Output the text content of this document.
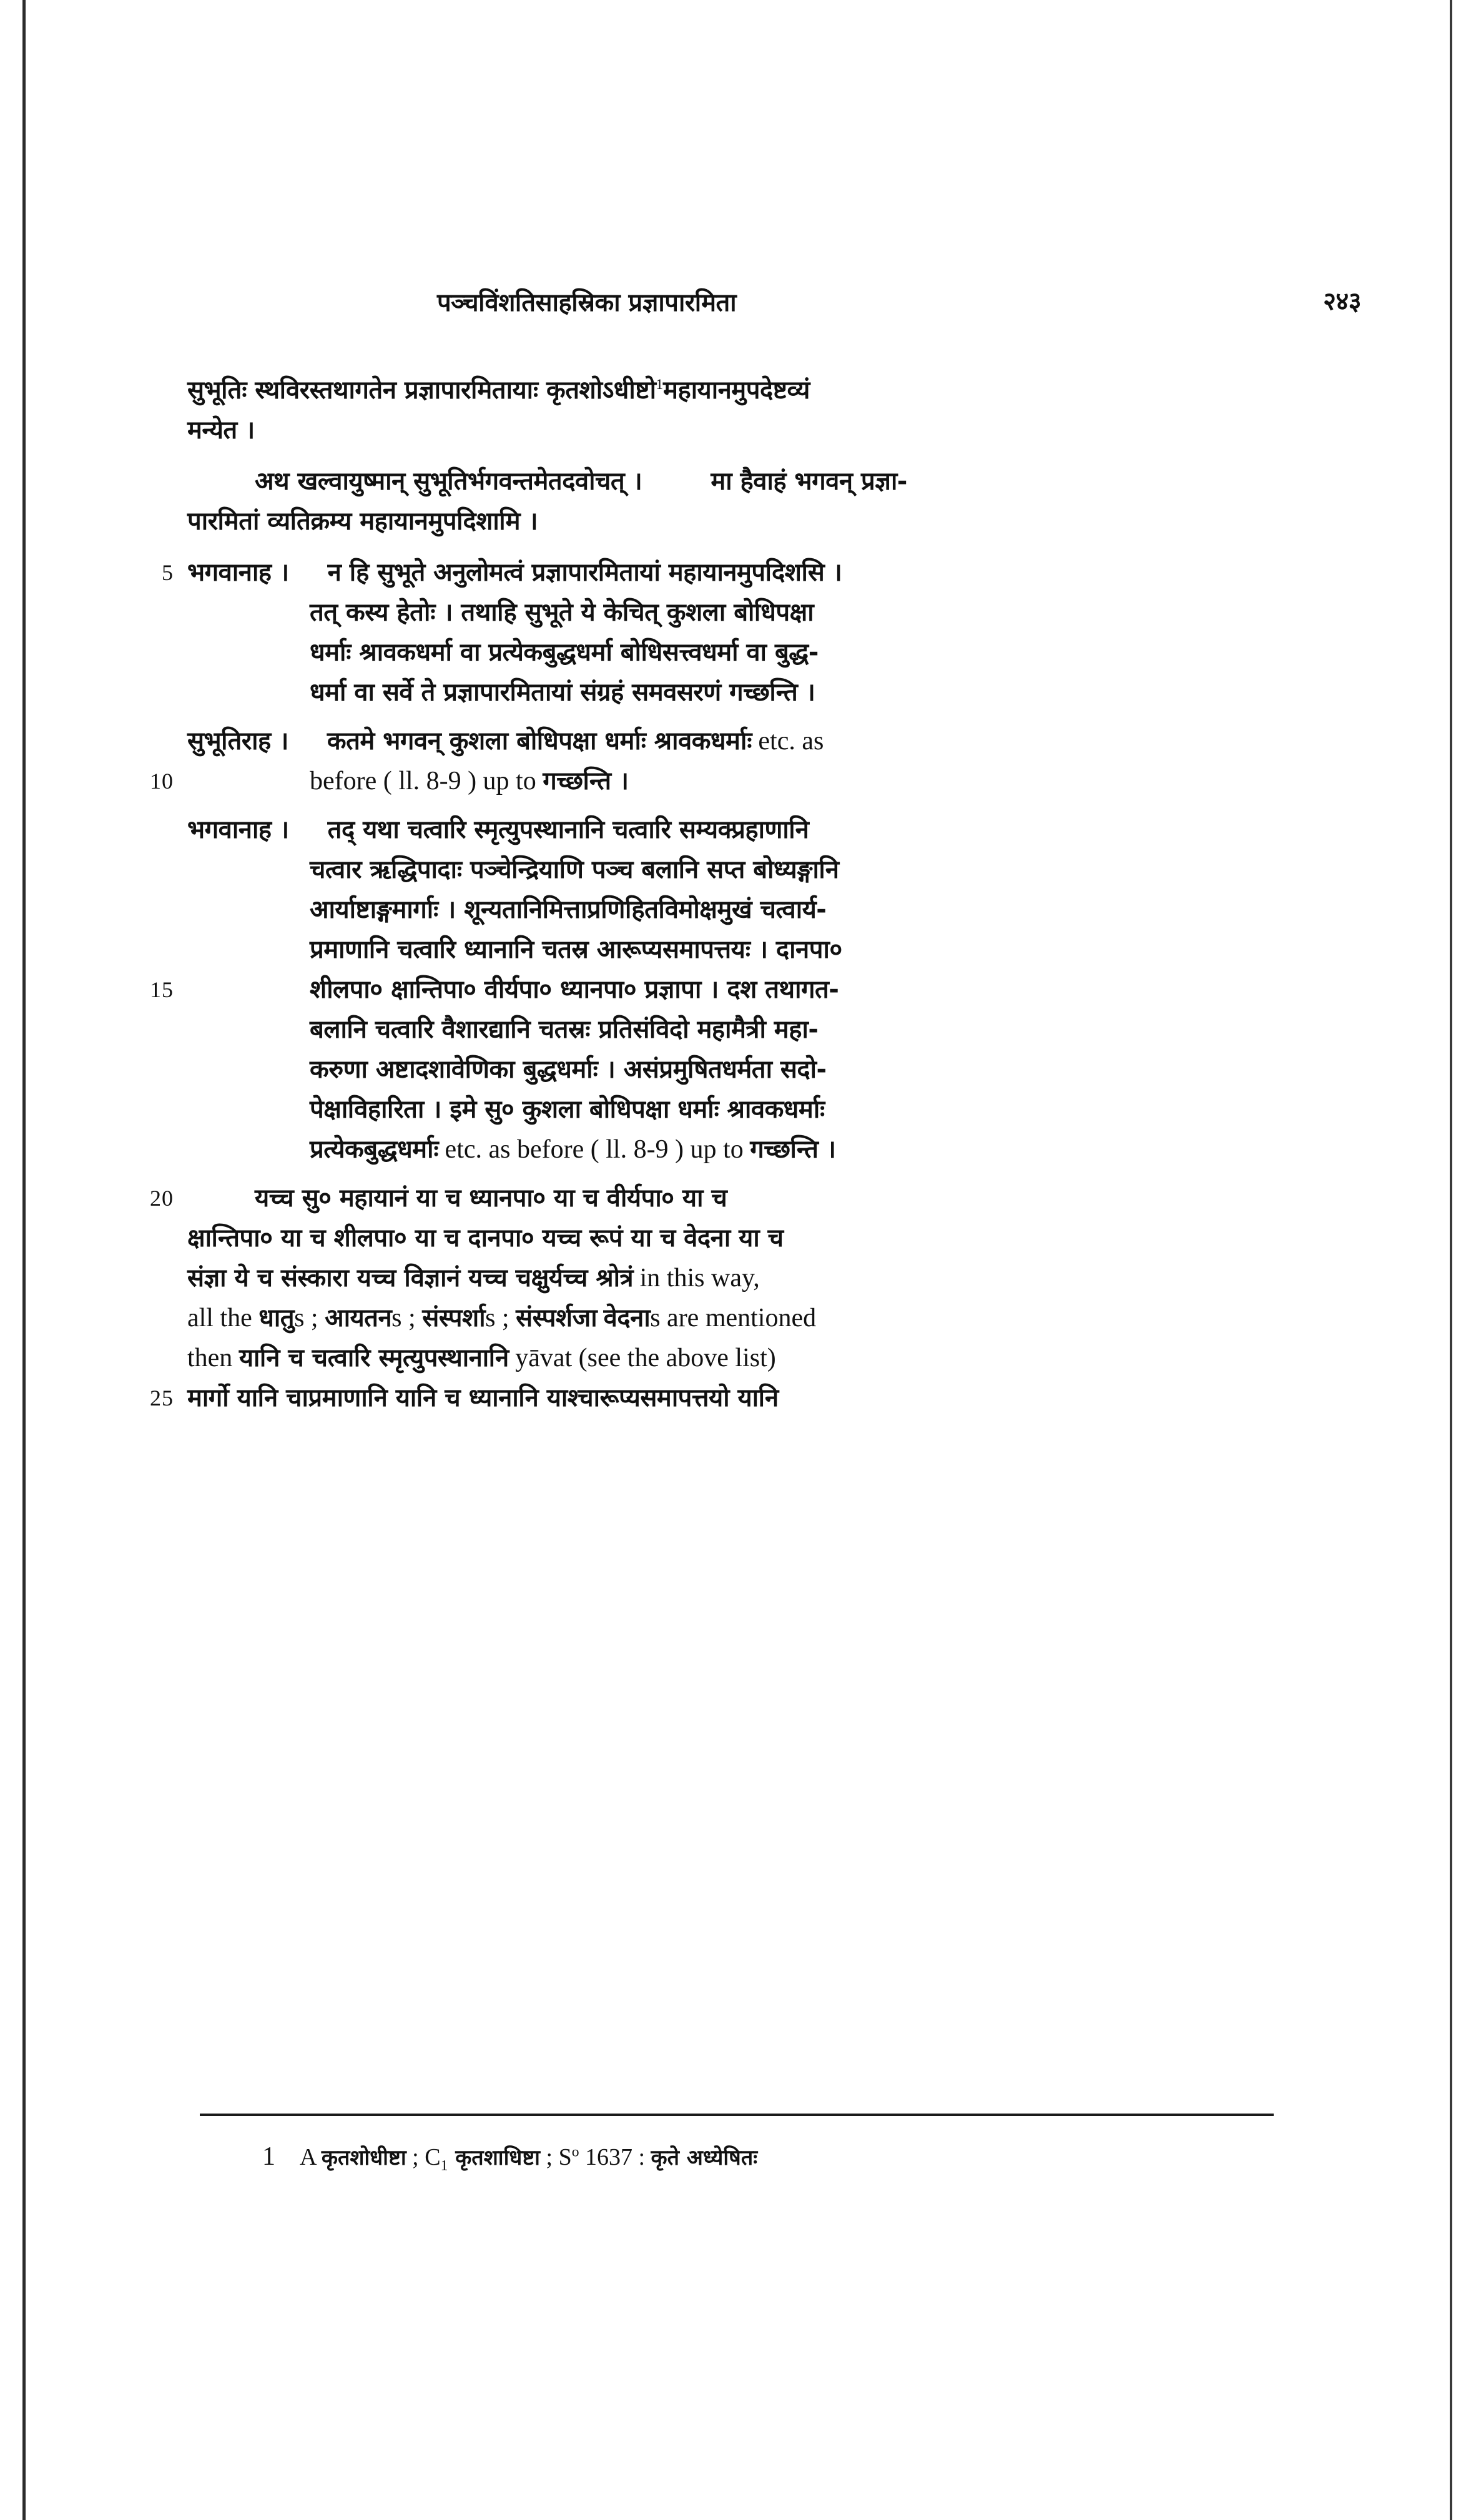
पञ्चविंशतिसाहस्रिका प्रज्ञापारमिता	२४३
सुभूतिः स्थविरस्तथागतेन प्रज्ञापारमितायाः कृतशोऽधीष्टो$^1$महायानमुपदेष्टव्यं
मन्येत ।
अथ खल्वायुष्मान् सुभूतिर्भगवन्तमेतदवोचत् ।	मा हैवाहं भगवन् प्रज्ञा-
पारमितां व्यतिक्रम्य महायानमुपदिशामि ।
5 भगवानाह । न हि सुभूते अनुलोमत्वं प्रज्ञापारमितायां महायानमुपदिशसि ।
तत् कस्य हेतोः । तथाहि सुभूते ये केचित् कुशला बोधिपक्षा
धर्माः श्रावकधर्मा वा प्रत्येकबुद्धधर्मा बोधिसत्त्वधर्मा वा बुद्ध-
धर्मा वा सर्वे ते प्रज्ञापारमितायां संग्रहं समवसरणं गच्छन्ति ।
सुभूतिराह । कतमे भगवन् कुशला बोधिपक्षा धर्माः श्रावकधर्माः etc. as
10	before ( ll. 8-9 ) up to गच्छन्ति ।
भगवानाह । तद् यथा चत्वारि स्मृत्युपस्थानानि चत्वारि सम्यक्प्रहाणानि
चत्वार ऋद्धिपादाः पञ्चेन्द्रियाणि पञ्च बलानि सप्त बोध्यङ्गानि
आर्याष्टाङ्गमार्गाः । शून्यतानिमित्ताप्रणिहितविमोक्षमुखं चत्वार्य-
प्रमाणानि चत्वारि ध्यानानि चतस्र आरूप्यसमापत्तयः । दानपा०
15	शीलपा० क्षान्तिपा० वीर्यपा० ध्यानपा० प्रज्ञापा । दश तथागत-
बलानि चत्वारि वैशारद्यानि चतस्रः प्रतिसंविदो महामैत्री महा-
करुणा अष्टादशावेणिका बुद्धधर्माः । असंप्रमुषितधर्मता सदो-
पेक्षाविहारिता । इमे सु० कुशला बोधिपक्षा धर्माः श्रावकधर्माः
प्रत्येकबुद्धधर्माः etc. as before ( ll. 8-9 ) up to गच्छन्ति ।
20	यच्च सु० महायानं या च ध्यानपा० या च वीर्यपा० या च
क्षान्तिपा० या च शीलपा० या च दानपा० यच्च रूपं या च वेदना या च
संज्ञा ये च संस्कारा यच्च विज्ञानं यच्च चक्षुर्यच्च श्रोत्रं in this way,
all the धातुs ; आयतनs ; संस्पर्शाs ; संस्पर्शजा वेदनाs are mentioned
then यानि च चत्वारि स्मृत्युपस्थानानि yāvat (see the above list)
25 मार्गो यानि चाप्रमाणानि यानि च ध्यानानि याश्चारूप्यसमापत्तयो यानि
1 A कृतशोधीष्टा ; $C_1$ कृतशाधिष्टा ; S$^o$ 1637 : कृते अध्येषितः
